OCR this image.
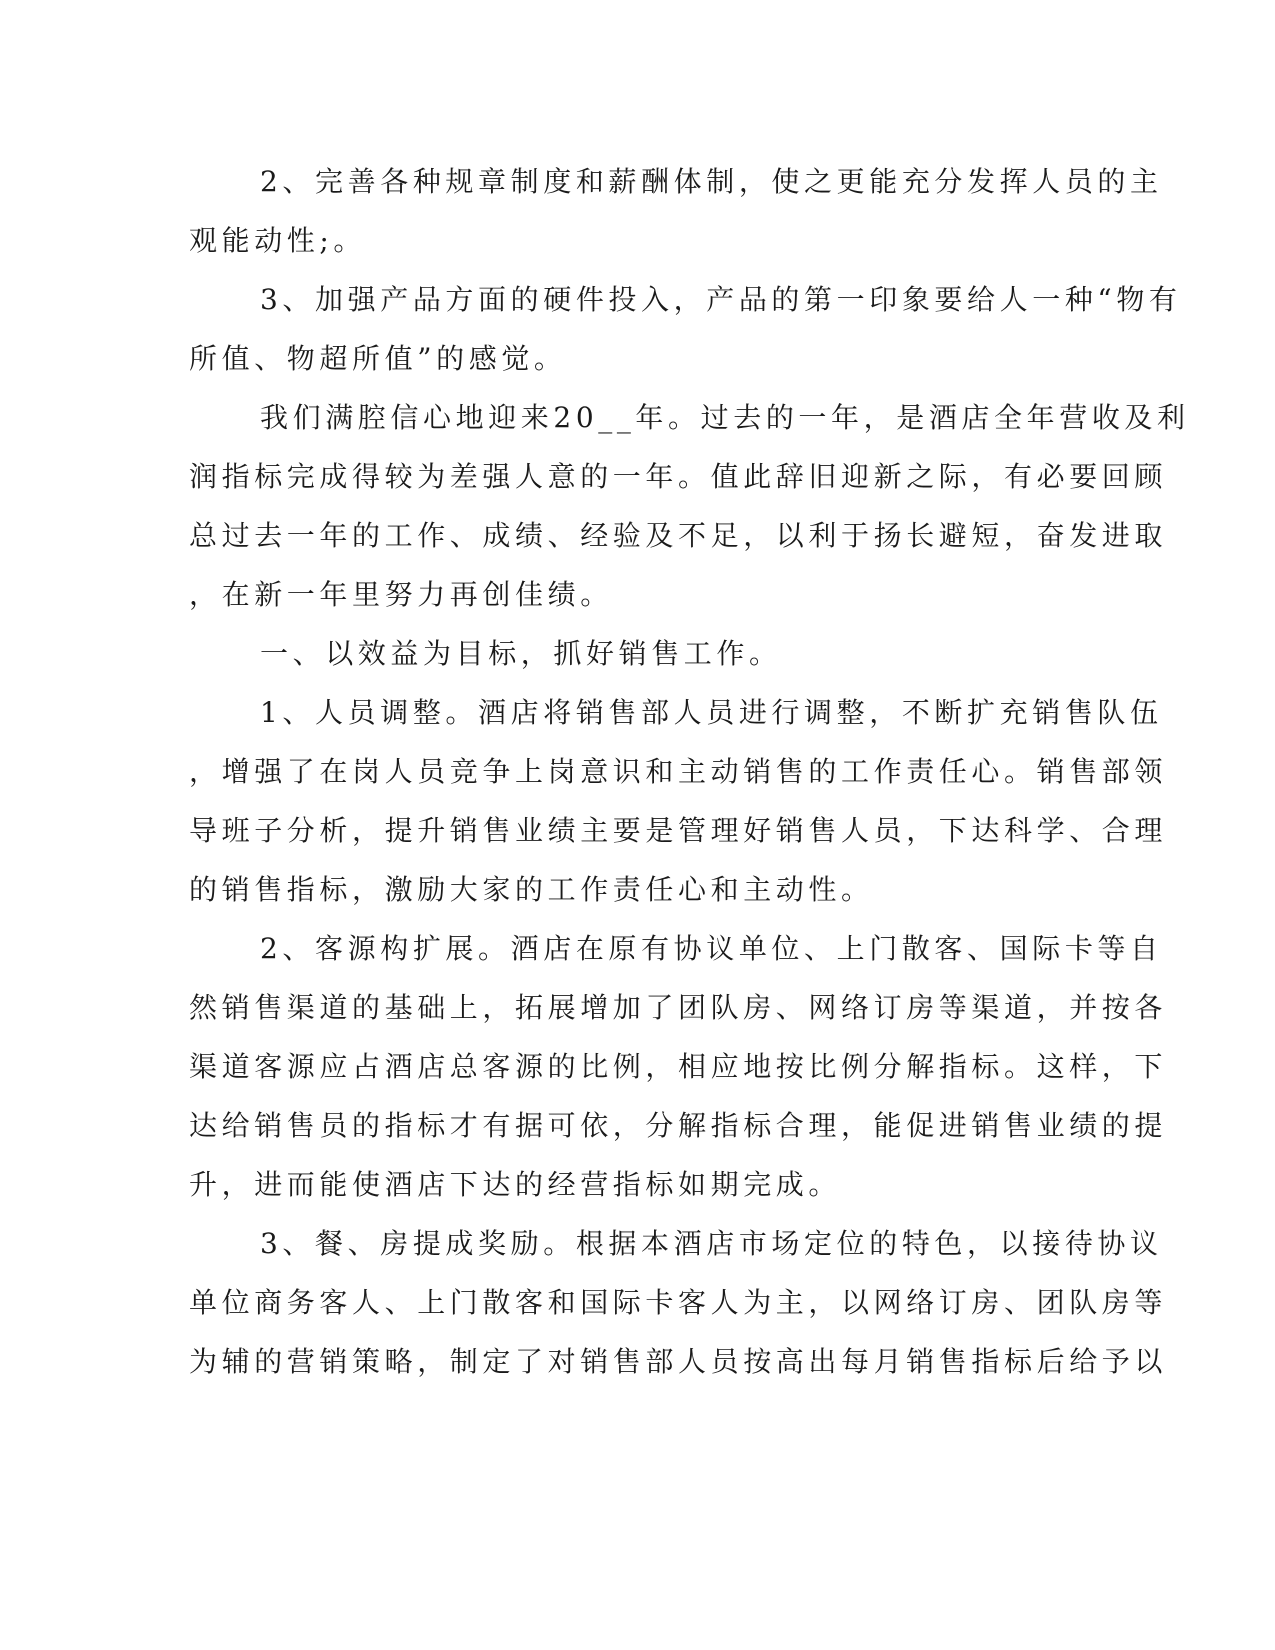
2、完善各种规章制度和薪酬体制，使之更能充分发挥人员的主
观能动性;。
3、加强产品方面的硬件投入，产品的第一印象要给人一种“物有
所值、物超所值”的感觉。
我们满腔信心地迎来20__年。过去的一年，是酒店全年营收及利
润指标完成得较为差强人意的一年。值此辞旧迎新之际，有必要回顾
总过去一年的工作、成绩、经验及不足，以利于扬长避短，奋发进取
，在新一年里努力再创佳绩。
一、以效益为目标，抓好销售工作。
1、人员调整。酒店将销售部人员进行调整，不断扩充销售队伍
，增强了在岗人员竞争上岗意识和主动销售的工作责任心。销售部领
导班子分析，提升销售业绩主要是管理好销售人员，下达科学、合理
的销售指标，激励大家的工作责任心和主动性。
2、客源构扩展。酒店在原有协议单位、上门散客、国际卡等自
然销售渠道的基础上，拓展增加了团队房、网络订房等渠道，并按各
渠道客源应占酒店总客源的比例，相应地按比例分解指标。这样，下
达给销售员的指标才有据可依，分解指标合理，能促进销售业绩的提
升，进而能使酒店下达的经营指标如期完成。
3、餐、房提成奖励。根据本酒店市场定位的特色，以接待协议
单位商务客人、上门散客和国际卡客人为主，以网络订房、团队房等
为辅的营销策略，制定了对销售部人员按高出每月销售指标后给予以
